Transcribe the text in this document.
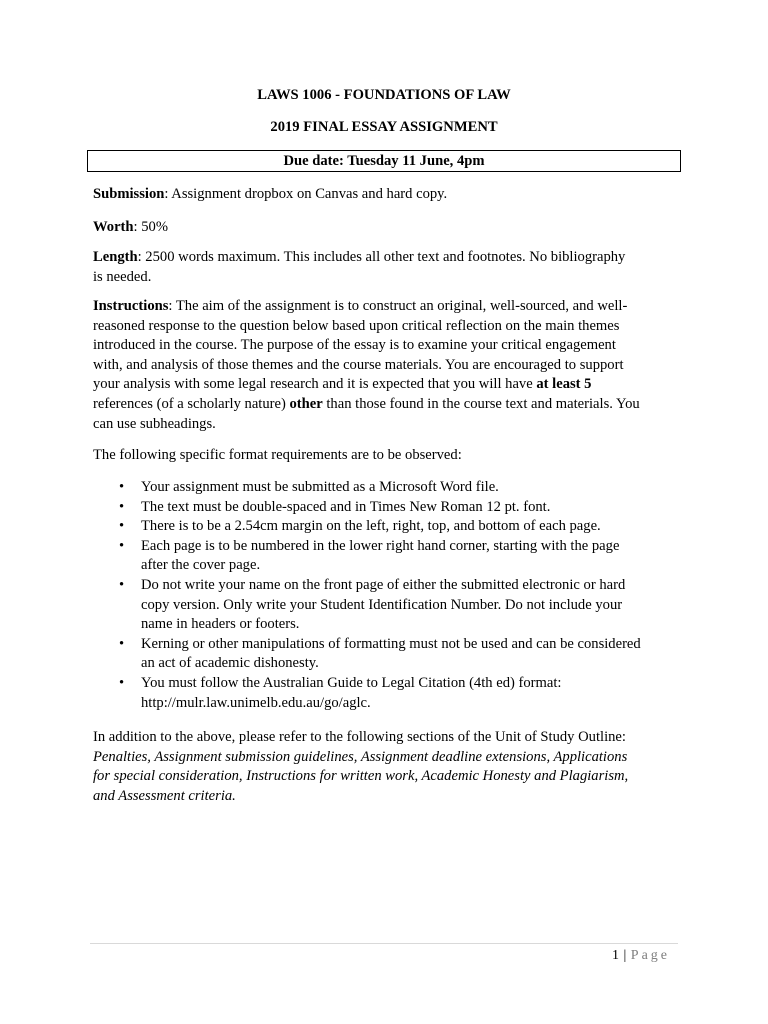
LAWS 1006 - FOUNDATIONS OF LAW
2019 FINAL ESSAY ASSIGNMENT
Due date: Tuesday 11 June, 4pm

Submission: Assignment dropbox on Canvas and hard copy.

Worth: 50%

Length: 2500 words maximum. This includes all other text and footnotes. No bibliography

is needed.

Instructions: The aim of the assignment is to construct an original, well-sourced, and well-

reasoned response to the question below based upon critical reflection on the main themes

introduced in the course. The purpose of the essay is to examine your critical engagement

with, and analysis of those themes and the course materials. You are encouraged to support

your analysis with some legal research and it is expected that you will have at least 5

references (of a scholarly nature) other than those found in the course text and materials. You

can use subheadings.

The following specific format requirements are to be observed:

• Your assignment must be submitted as a Microsoft Word file.
• The text must be double-spaced and in Times New Roman 12 pt. font.
• There is to be a 2.54cm margin on the left, right, top, and bottom of each page.
• Each page is to be numbered in the lower right hand corner, starting with the page
after the cover page.
• Do not write your name on the front page of either the submitted electronic or hard
copy version. Only write your Student Identification Number. Do not include your
name in headers or footers.
• Kerning or other manipulations of formatting must not be used and can be considered
an act of academic dishonesty.
• You must follow the Australian Guide to Legal Citation (4th ed) format:
http://mulr.law.unimelb.edu.au/go/aglc.

In addition to the above, please refer to the following sections of the Unit of Study Outline:

Penalties, Assignment submission guidelines, Assignment deadline extensions, Applications

for special consideration, Instructions for written work, Academic Honesty and Plagiarism,

and Assessment criteria.

1 | Page
